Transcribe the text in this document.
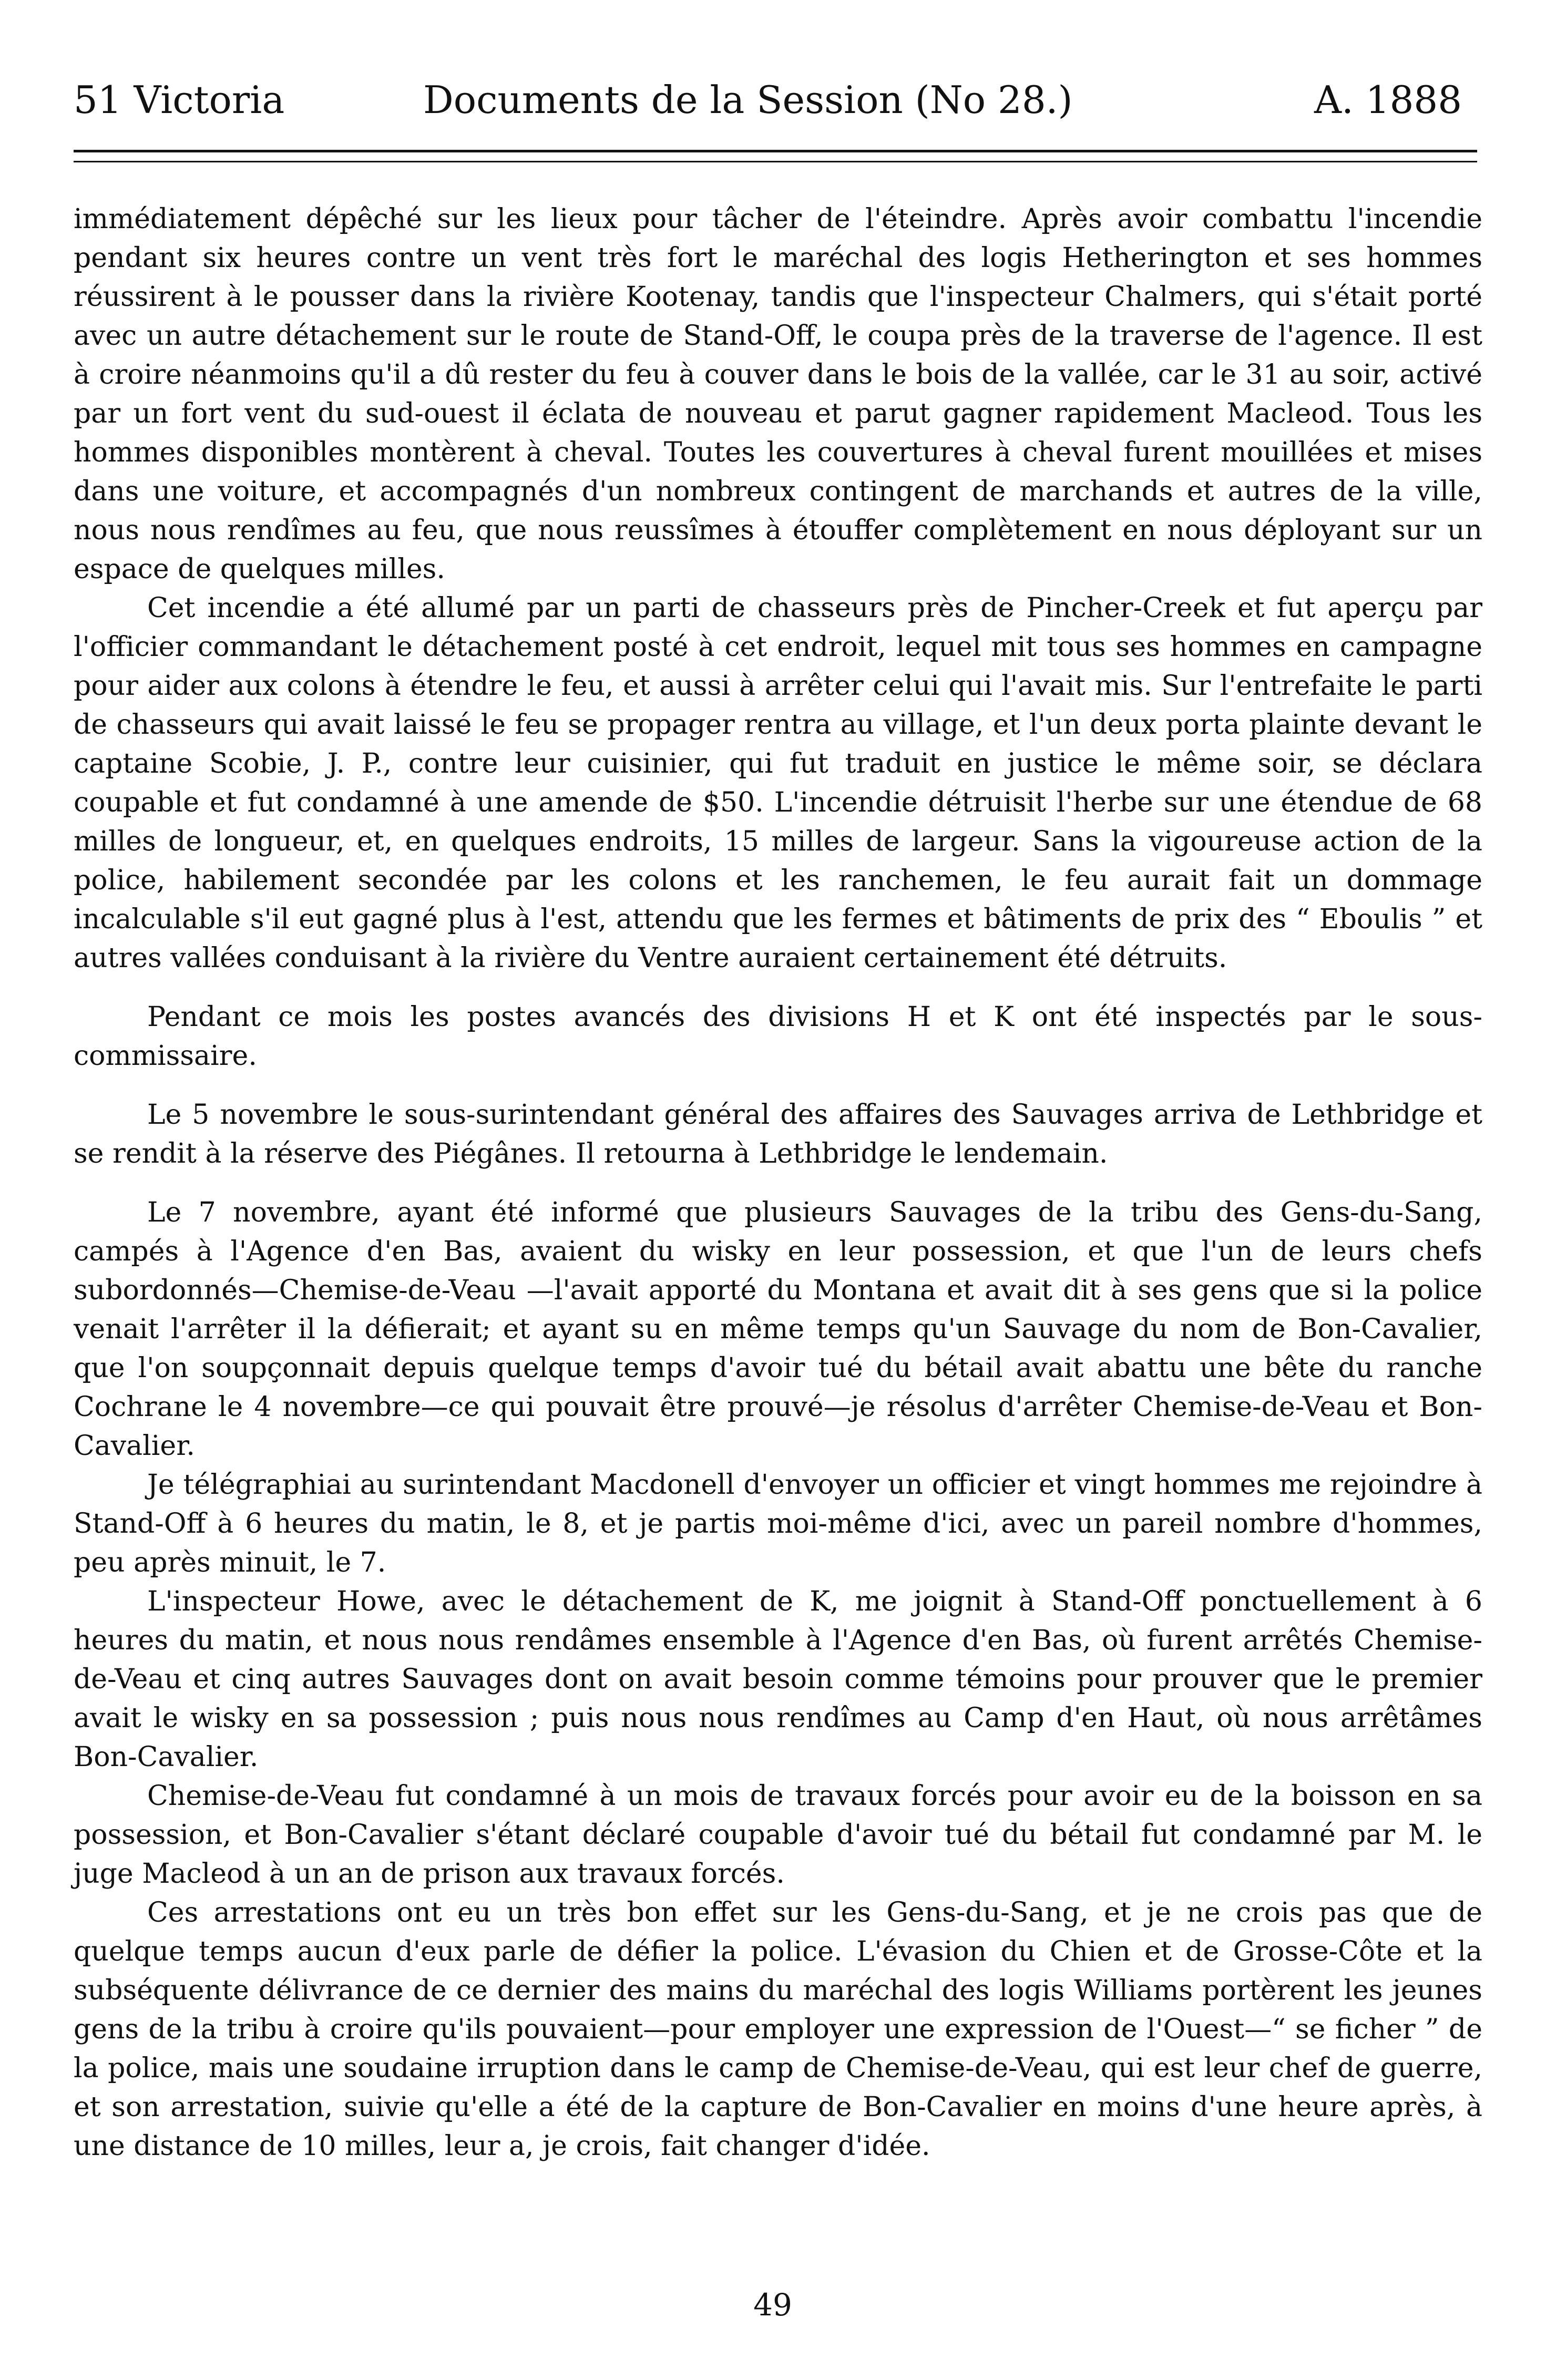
51 Victoria	Documents de la Session (No 28.)	A. 1888

immédiatement dépêché sur les lieux pour tâcher de l'éteindre. Après avoir combattu l'incendie pendant six heures contre un vent très fort le maréchal des logis Hetherington et ses hommes réussirent à le pousser dans la rivière Kootenay, tandis que l'inspecteur Chalmers, qui s'était porté avec un autre détachement sur le route de Stand-Off, le coupa près de la traverse de l'agence. Il est à croire néanmoins qu'il a dû rester du feu à couver dans le bois de la vallée, car le 31 au soir, activé par un fort vent du sud-ouest il éclata de nouveau et parut gagner rapidement Macleod. Tous les hommes disponibles montèrent à cheval. Toutes les couvertures à cheval furent mouillées et mises dans une voiture, et accompagnés d'un nombreux contingent de marchands et autres de la ville, nous nous rendîmes au feu, que nous reussîmes à étouffer complètement en nous déployant sur un espace de quelques milles.

Cet incendie a été allumé par un parti de chasseurs près de Pincher-Creek et fut aperçu par l'officier commandant le détachement posté à cet endroit, lequel mit tous ses hommes en campagne pour aider aux colons à étendre le feu, et aussi à arrêter celui qui l'avait mis. Sur l'entrefaite le parti de chasseurs qui avait laissé le feu se propager rentra au village, et l'un deux porta plainte devant le captaine Scobie, J. P., contre leur cuisinier, qui fut traduit en justice le même soir, se déclara coupable et fut condamné à une amende de $50. L'incendie détruisit l'herbe sur une étendue de 68 milles de longueur, et, en quelques endroits, 15 milles de largeur. Sans la vigoureuse action de la police, habilement secondée par les colons et les ranchemen, le feu aurait fait un dommage incalculable s'il eut gagné plus à l'est, attendu que les fermes et bâtiments de prix des “ Eboulis ” et autres vallées conduisant à la rivière du Ventre auraient certainement été détruits.

Pendant ce mois les postes avancés des divisions H et K ont été inspectés par le sous-commissaire.

Le 5 novembre le sous-surintendant général des affaires des Sauvages arriva de Lethbridge et se rendit à la réserve des Piégânes. Il retourna à Lethbridge le lendemain.

Le 7 novembre, ayant été informé que plusieurs Sauvages de la tribu des Gens-du-Sang, campés à l'Agence d'en Bas, avaient du wisky en leur possession, et que l'un de leurs chefs subordonnés—Chemise-de-Veau —l'avait apporté du Montana et avait dit à ses gens que si la police venait l'arrêter il la défierait; et ayant su en même temps qu'un Sauvage du nom de Bon-Cavalier, que l'on soupçonnait depuis quelque temps d'avoir tué du bétail avait abattu une bête du ranche Cochrane le 4 novembre—ce qui pouvait être prouvé—je résolus d'arrêter Chemise-de-Veau et Bon-Cavalier.

Je télégraphiai au surintendant Macdonell d'envoyer un officier et vingt hommes me rejoindre à Stand-Off à 6 heures du matin, le 8, et je partis moi-même d'ici, avec un pareil nombre d'hommes, peu après minuit, le 7.

L'inspecteur Howe, avec le détachement de K, me joignit à Stand-Off ponctuellement à 6 heures du matin, et nous nous rendâmes ensemble à l'Agence d'en Bas, où furent arrêtés Chemise-de-Veau et cinq autres Sauvages dont on avait besoin comme témoins pour prouver que le premier avait le wisky en sa possession ; puis nous nous rendîmes au Camp d'en Haut, où nous arrêtâmes Bon-Cavalier.

Chemise-de-Veau fut condamné à un mois de travaux forcés pour avoir eu de la boisson en sa possession, et Bon-Cavalier s'étant déclaré coupable d'avoir tué du bétail fut condamné par M. le juge Macleod à un an de prison aux travaux forcés.

Ces arrestations ont eu un très bon effet sur les Gens-du-Sang, et je ne crois pas que de quelque temps aucun d'eux parle de défier la police. L'évasion du Chien et de Grosse-Côte et la subséquente délivrance de ce dernier des mains du maréchal des logis Williams portèrent les jeunes gens de la tribu à croire qu'ils pouvaient—pour employer une expression de l'Ouest—“ se ficher ” de la police, mais une soudaine irruption dans le camp de Chemise-de-Veau, qui est leur chef de guerre, et son arrestation, suivie qu'elle a été de la capture de Bon-Cavalier en moins d'une heure après, à une distance de 10 milles, leur a, je crois, fait changer d'idée.

49
